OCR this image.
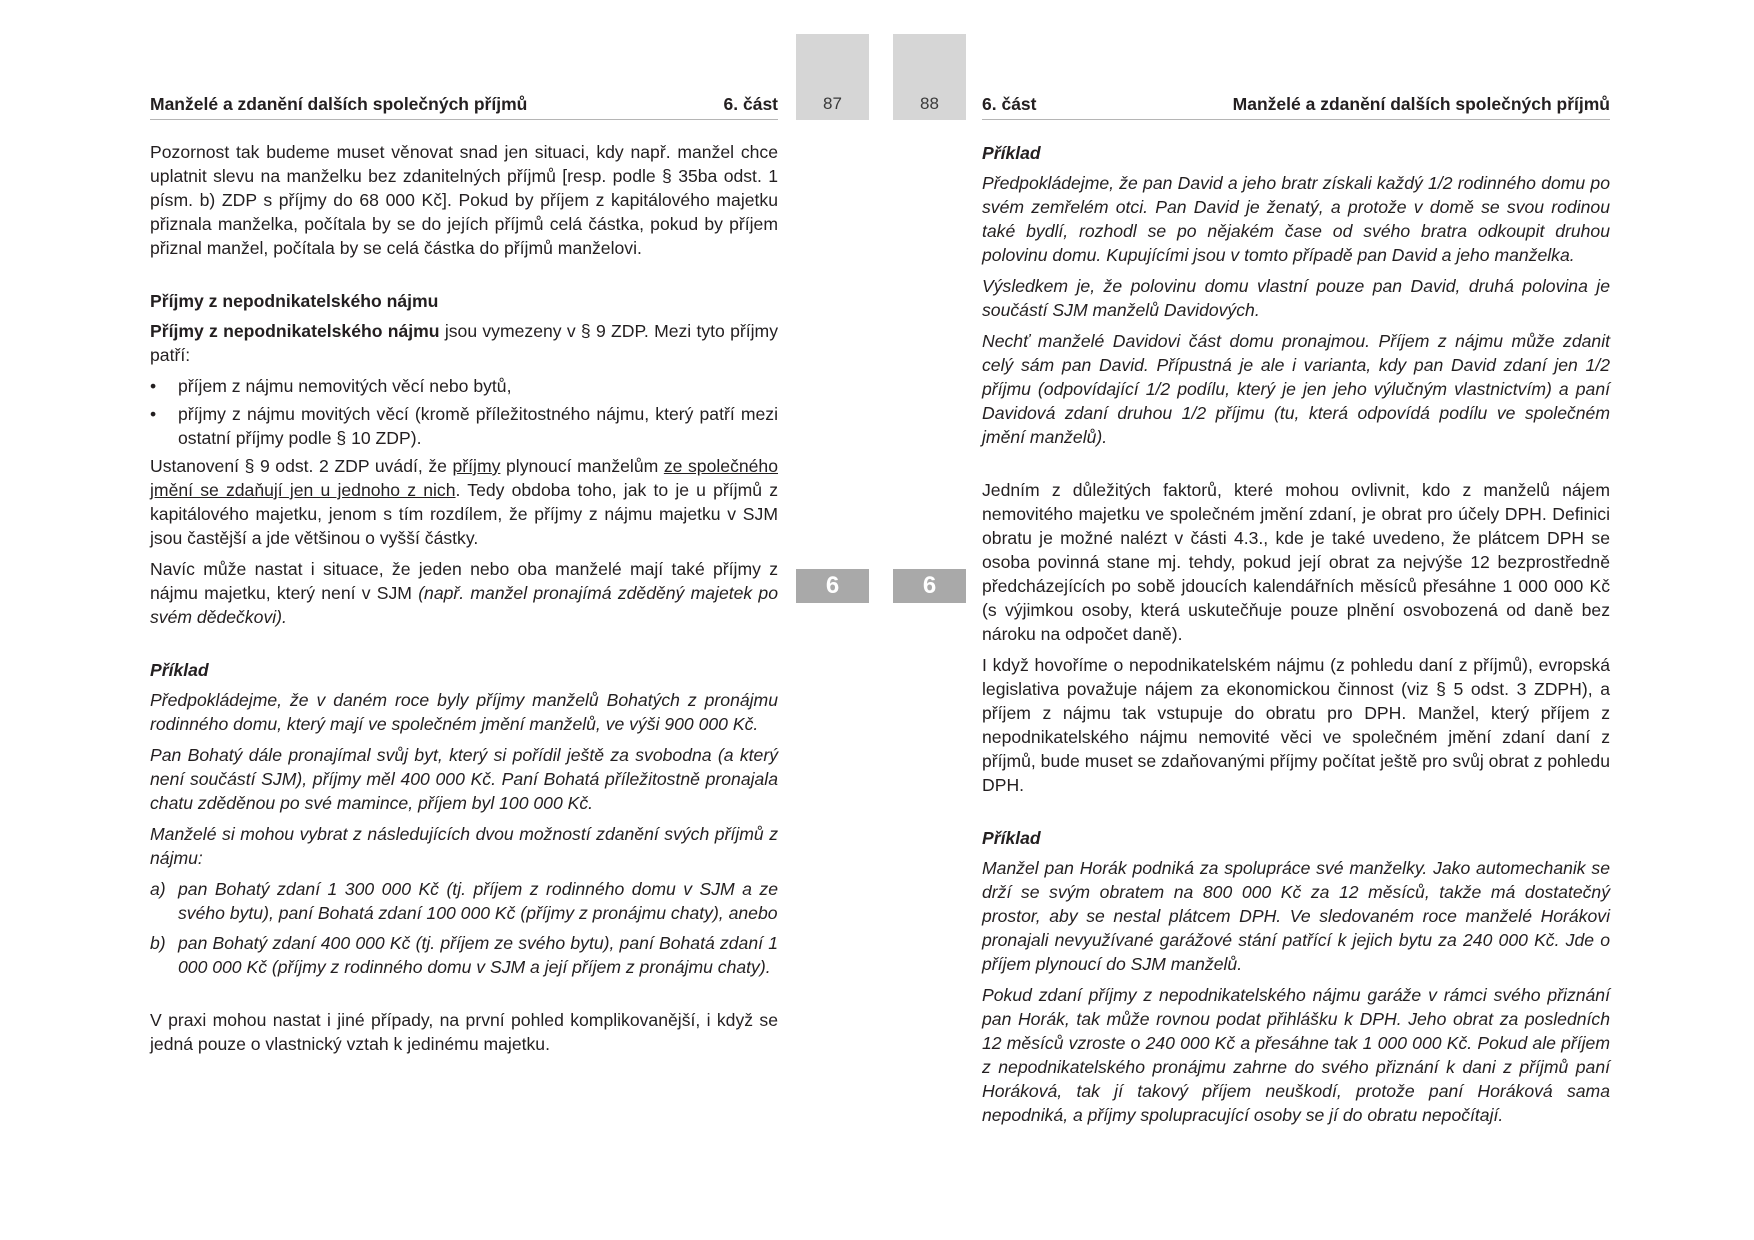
Manželé a zdanění dalších společných příjmů	6. část

Pozornost tak budeme muset věnovat snad jen situaci, kdy např. manžel chce uplatnit slevu na manželku bez zdanitelných příjmů [resp. podle § 35ba odst. 1 písm. b) ZDP s příjmy do 68 000 Kč]. Pokud by příjem z kapitálového majetku přiznala manželka, počítala by se do jejích příjmů celá částka, pokud by příjem přiznal manžel, počítala by se celá částka do příjmů manželovi.

Příjmy z nepodnikatelského nájmu

Příjmy z nepodnikatelského nájmu jsou vymezeny v § 9 ZDP. Mezi tyto příjmy patří:

• příjem z nájmu nemovitých věcí nebo bytů,
• příjmy z nájmu movitých věcí (kromě příležitostného nájmu, který patří mezi ostatní příjmy podle § 10 ZDP).

Ustanovení § 9 odst. 2 ZDP uvádí, že příjmy plynoucí manželům ze společného jmění se zdaňují jen u jednoho z nich. Tedy obdoba toho, jak to je u příjmů z kapitálového majetku, jenom s tím rozdílem, že příjmy z nájmu majetku v SJM jsou častější a jde většinou o vyšší částky.

Navíc může nastat i situace, že jeden nebo oba manželé mají také příjmy z nájmu majetku, který není v SJM (např. manžel pronajímá zděděný majetek po svém dědečkovi).

Příklad

Předpokládejme, že v daném roce byly příjmy manželů Bohatých z pronájmu rodinného domu, který mají ve společném jmění manželů, ve výši 900 000 Kč.

Pan Bohatý dále pronajímal svůj byt, který si pořídil ještě za svobodna (a který není součástí SJM), příjmy měl 400 000 Kč. Paní Bohatá příležitostně pronajala chatu zděděnou po své mamince, příjem byl 100 000 Kč.

Manželé si mohou vybrat z následujících dvou možností zdanění svých příjmů z nájmu:

a) pan Bohatý zdaní 1 300 000 Kč (tj. příjem z rodinného domu v SJM a ze svého bytu), paní Bohatá zdaní 100 000 Kč (příjmy z pronájmu chaty), anebo
b) pan Bohatý zdaní 400 000 Kč (tj. příjem ze svého bytu), paní Bohatá zdaní 1 000 000 Kč (příjmy z rodinného domu v SJM a její příjem z pronájmu chaty).

V praxi mohou nastat i jiné případy, na první pohled komplikovanější, i když se jedná pouze o vlastnický vztah k jedinému majetku.

87
6
88
6
6. část	Manželé a zdanění dalších společných příjmů
Příklad

Předpokládejme, že pan David a jeho bratr získali každý 1/2 rodinného domu po svém zemřelém otci. Pan David je ženatý, a protože v domě se svou rodinou také bydlí, rozhodl se po nějakém čase od svého bratra odkoupit druhou polovinu domu. Kupujícími jsou v tomto případě pan David a jeho manželka.

Výsledkem je, že polovinu domu vlastní pouze pan David, druhá polovina je součástí SJM manželů Davidových.

Nechť manželé Davidovi část domu pronajmou. Příjem z nájmu může zdanit celý sám pan David. Přípustná je ale i varianta, kdy pan David zdaní jen 1/2 příjmu (odpovídající 1/2 podílu, který je jen jeho výlučným vlastnictvím) a paní Davidová zdaní druhou 1/2 příjmu (tu, která odpovídá podílu ve společném jmění manželů).

Jedním z důležitých faktorů, které mohou ovlivnit, kdo z manželů nájem nemovitého majetku ve společném jmění zdaní, je obrat pro účely DPH. Definici obratu je možné nalézt v části 4.3., kde je také uvedeno, že plátcem DPH se osoba povinná stane mj. tehdy, pokud její obrat za nejvýše 12 bezprostředně předcházejících po sobě jdoucích kalendářních měsíců přesáhne 1 000 000 Kč (s výjimkou osoby, která uskutečňuje pouze plnění osvobozená od daně bez nároku na odpočet daně).

I když hovoříme o nepodnikatelském nájmu (z pohledu daní z příjmů), evropská legislativa považuje nájem za ekonomickou činnost (viz § 5 odst. 3 ZDPH), a příjem z nájmu tak vstupuje do obratu pro DPH. Manžel, který příjem z nepodnikatelského nájmu nemovité věci ve společném jmění zdaní daní z příjmů, bude muset se zdaňovanými příjmy počítat ještě pro svůj obrat z pohledu DPH.

Příklad

Manžel pan Horák podniká za spolupráce své manželky. Jako automechanik se drží se svým obratem na 800 000 Kč za 12 měsíců, takže má dostatečný prostor, aby se nestal plátcem DPH. Ve sledovaném roce manželé Horákovi pronajali nevyužívané garážové stání patřící k jejich bytu za 240 000 Kč. Jde o příjem plynoucí do SJM manželů.

Pokud zdaní příjmy z nepodnikatelského nájmu garáže v rámci svého přiznání pan Horák, tak může rovnou podat přihlášku k DPH. Jeho obrat za posledních 12 měsíců vzroste o 240 000 Kč a přesáhne tak 1 000 000 Kč. Pokud ale příjem z nepodnikatelského pronájmu zahrne do svého přiznání k dani z příjmů paní Horáková, tak jí takový příjem neuškodí, protože paní Horáková sama nepodniká, a příjmy spolupracující osoby se jí do obratu nepočítají.
